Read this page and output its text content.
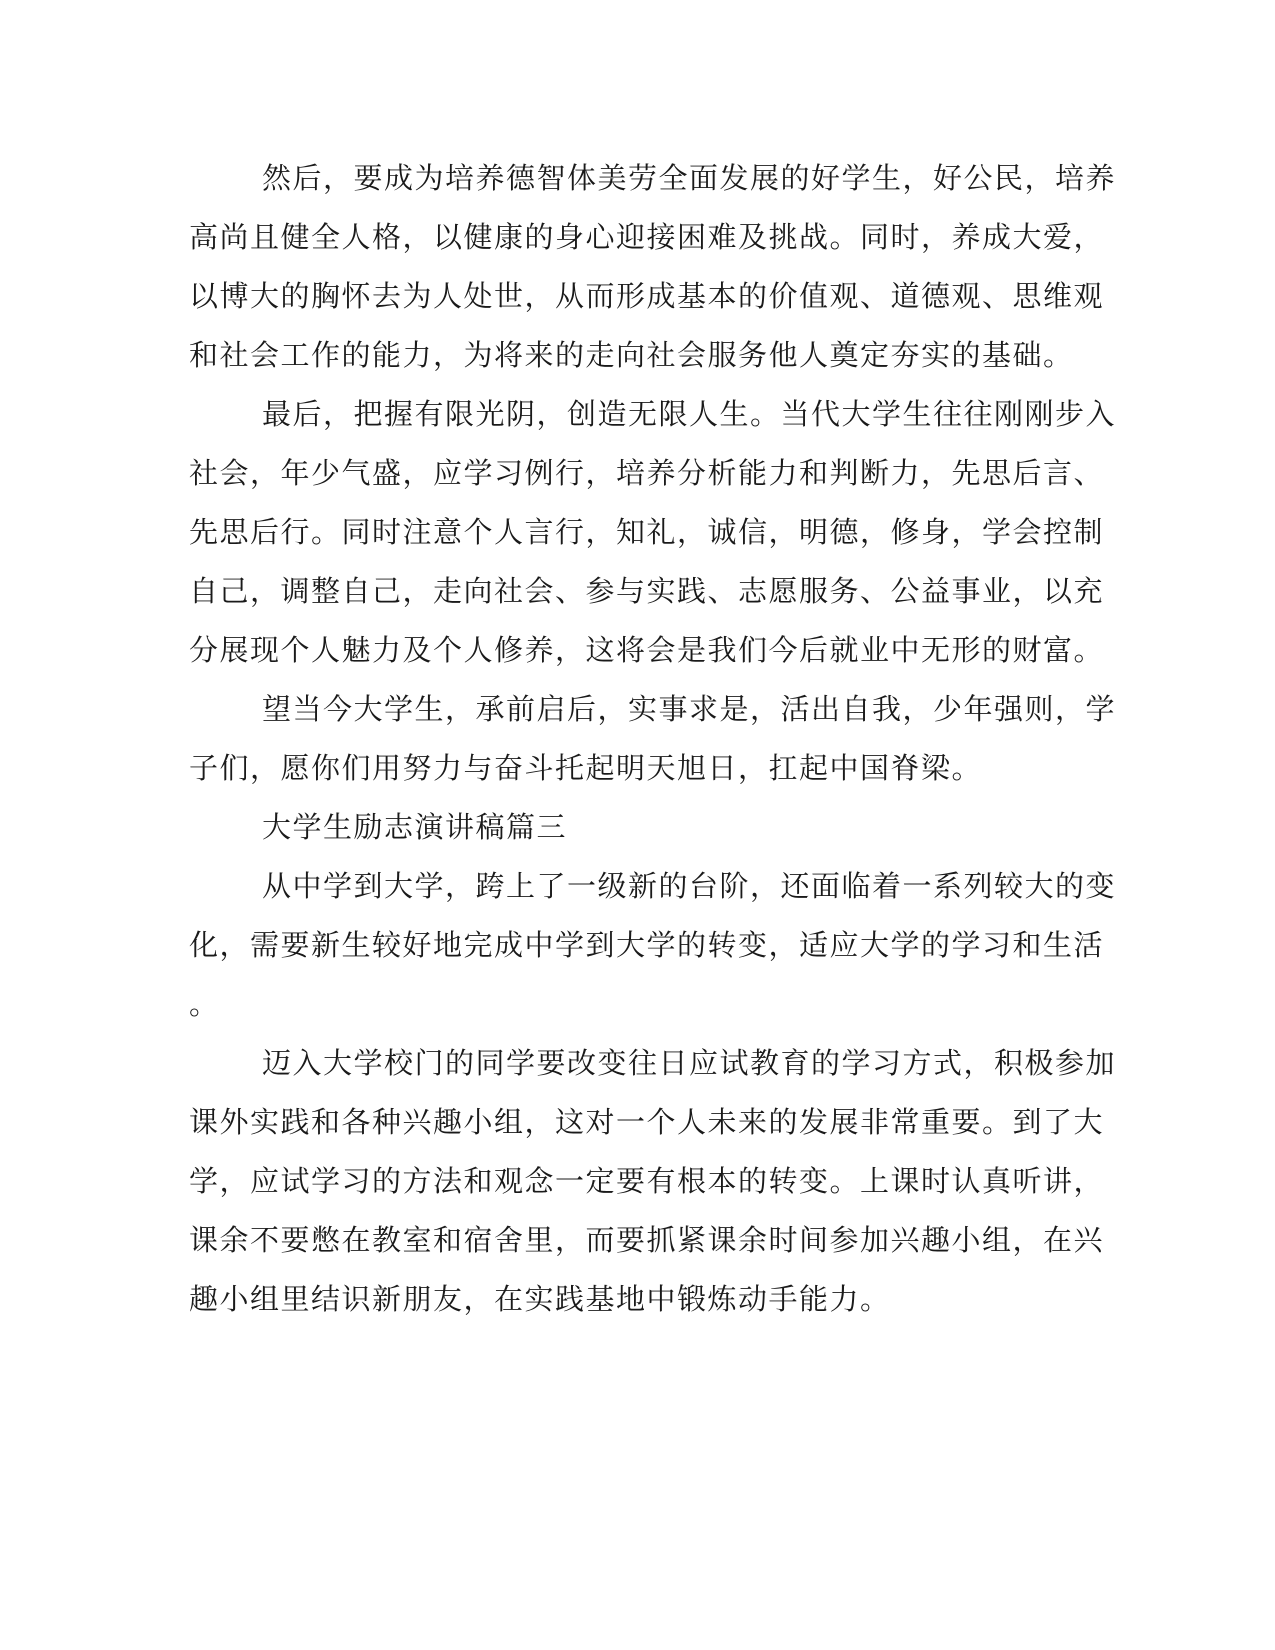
然后，要成为培养德智体美劳全面发展的好学生，好公民，培养
高尚且健全人格，以健康的身心迎接困难及挑战。同时，养成大爱，
以博大的胸怀去为人处世，从而形成基本的价值观、道德观、思维观
和社会工作的能力，为将来的走向社会服务他人奠定夯实的基础。
最后，把握有限光阴，创造无限人生。当代大学生往往刚刚步入
社会，年少气盛，应学习例行，培养分析能力和判断力，先思后言、
先思后行。同时注意个人言行，知礼，诚信，明德，修身，学会控制
自己，调整自己，走向社会、参与实践、志愿服务、公益事业，以充
分展现个人魅力及个人修养，这将会是我们今后就业中无形的财富。
望当今大学生，承前启后，实事求是，活出自我，少年强则，学
子们，愿你们用努力与奋斗托起明天旭日，扛起中国脊梁。
大学生励志演讲稿篇三
从中学到大学，跨上了一级新的台阶，还面临着一系列较大的变
化，需要新生较好地完成中学到大学的转变，适应大学的学习和生活
。
迈入大学校门的同学要改变往日应试教育的学习方式，积极参加
课外实践和各种兴趣小组，这对一个人未来的发展非常重要。到了大
学，应试学习的方法和观念一定要有根本的转变。上课时认真听讲，
课余不要憋在教室和宿舍里，而要抓紧课余时间参加兴趣小组，在兴
趣小组里结识新朋友，在实践基地中锻炼动手能力。
